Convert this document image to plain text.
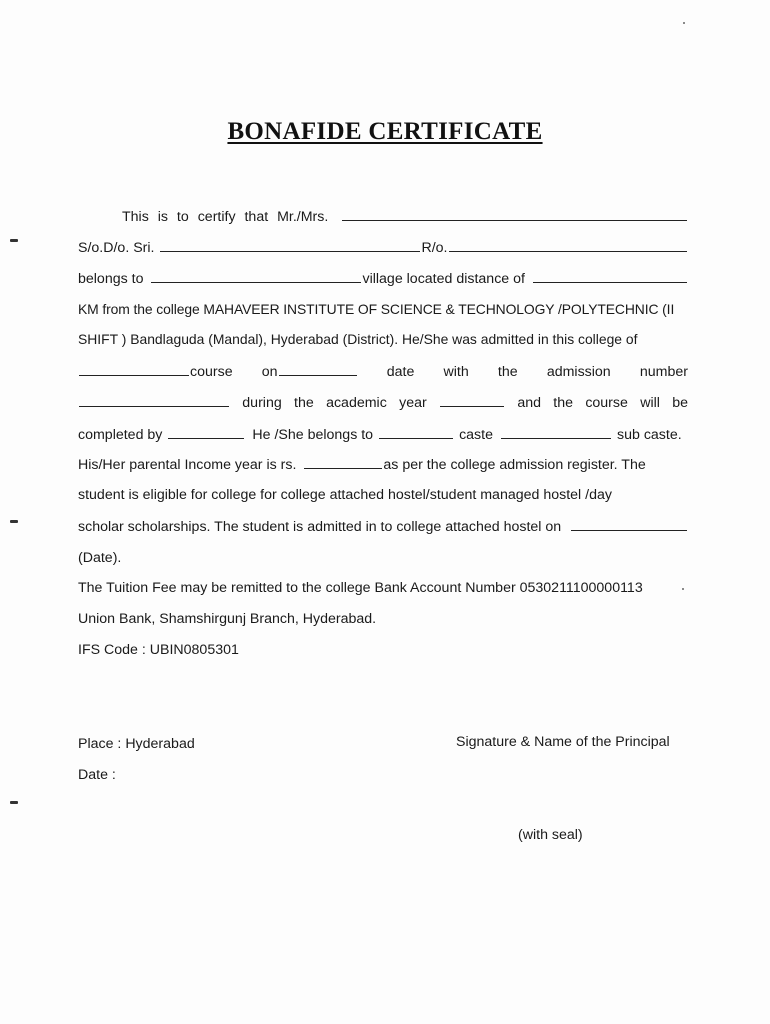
BONAFIDE CERTIFICATE
This is to certify that Mr./Mrs.
S/o.D/o. Sri.	R/o.
belongs to	village located distance of
KM from the college MAHAVEER INSTITUTE OF SCIENCE & TECHNOLOGY /POLYTECHNIC (II
SHIFT ) Bandlaguda (Mandal), Hyderabad (District). He/She was admitted in this college of
course on	date with the admission number
during the academic year	and the course will be
completed by	He /She belongs to	caste	sub caste.
His/Her parental Income year is rs.	as per the college admission register. The
student is eligible for college for college attached hostel/student managed hostel /day
scholar scholarships. The student is admitted in to college attached hostel on
(Date).
The Tuition Fee may be remitted to the college Bank Account Number 0530211100000113
Union Bank, Shamshirgunj Branch, Hyderabad.
IFS Code : UBIN0805301
Place : Hyderabad	Signature & Name of the Principal
Date :
(with seal)
